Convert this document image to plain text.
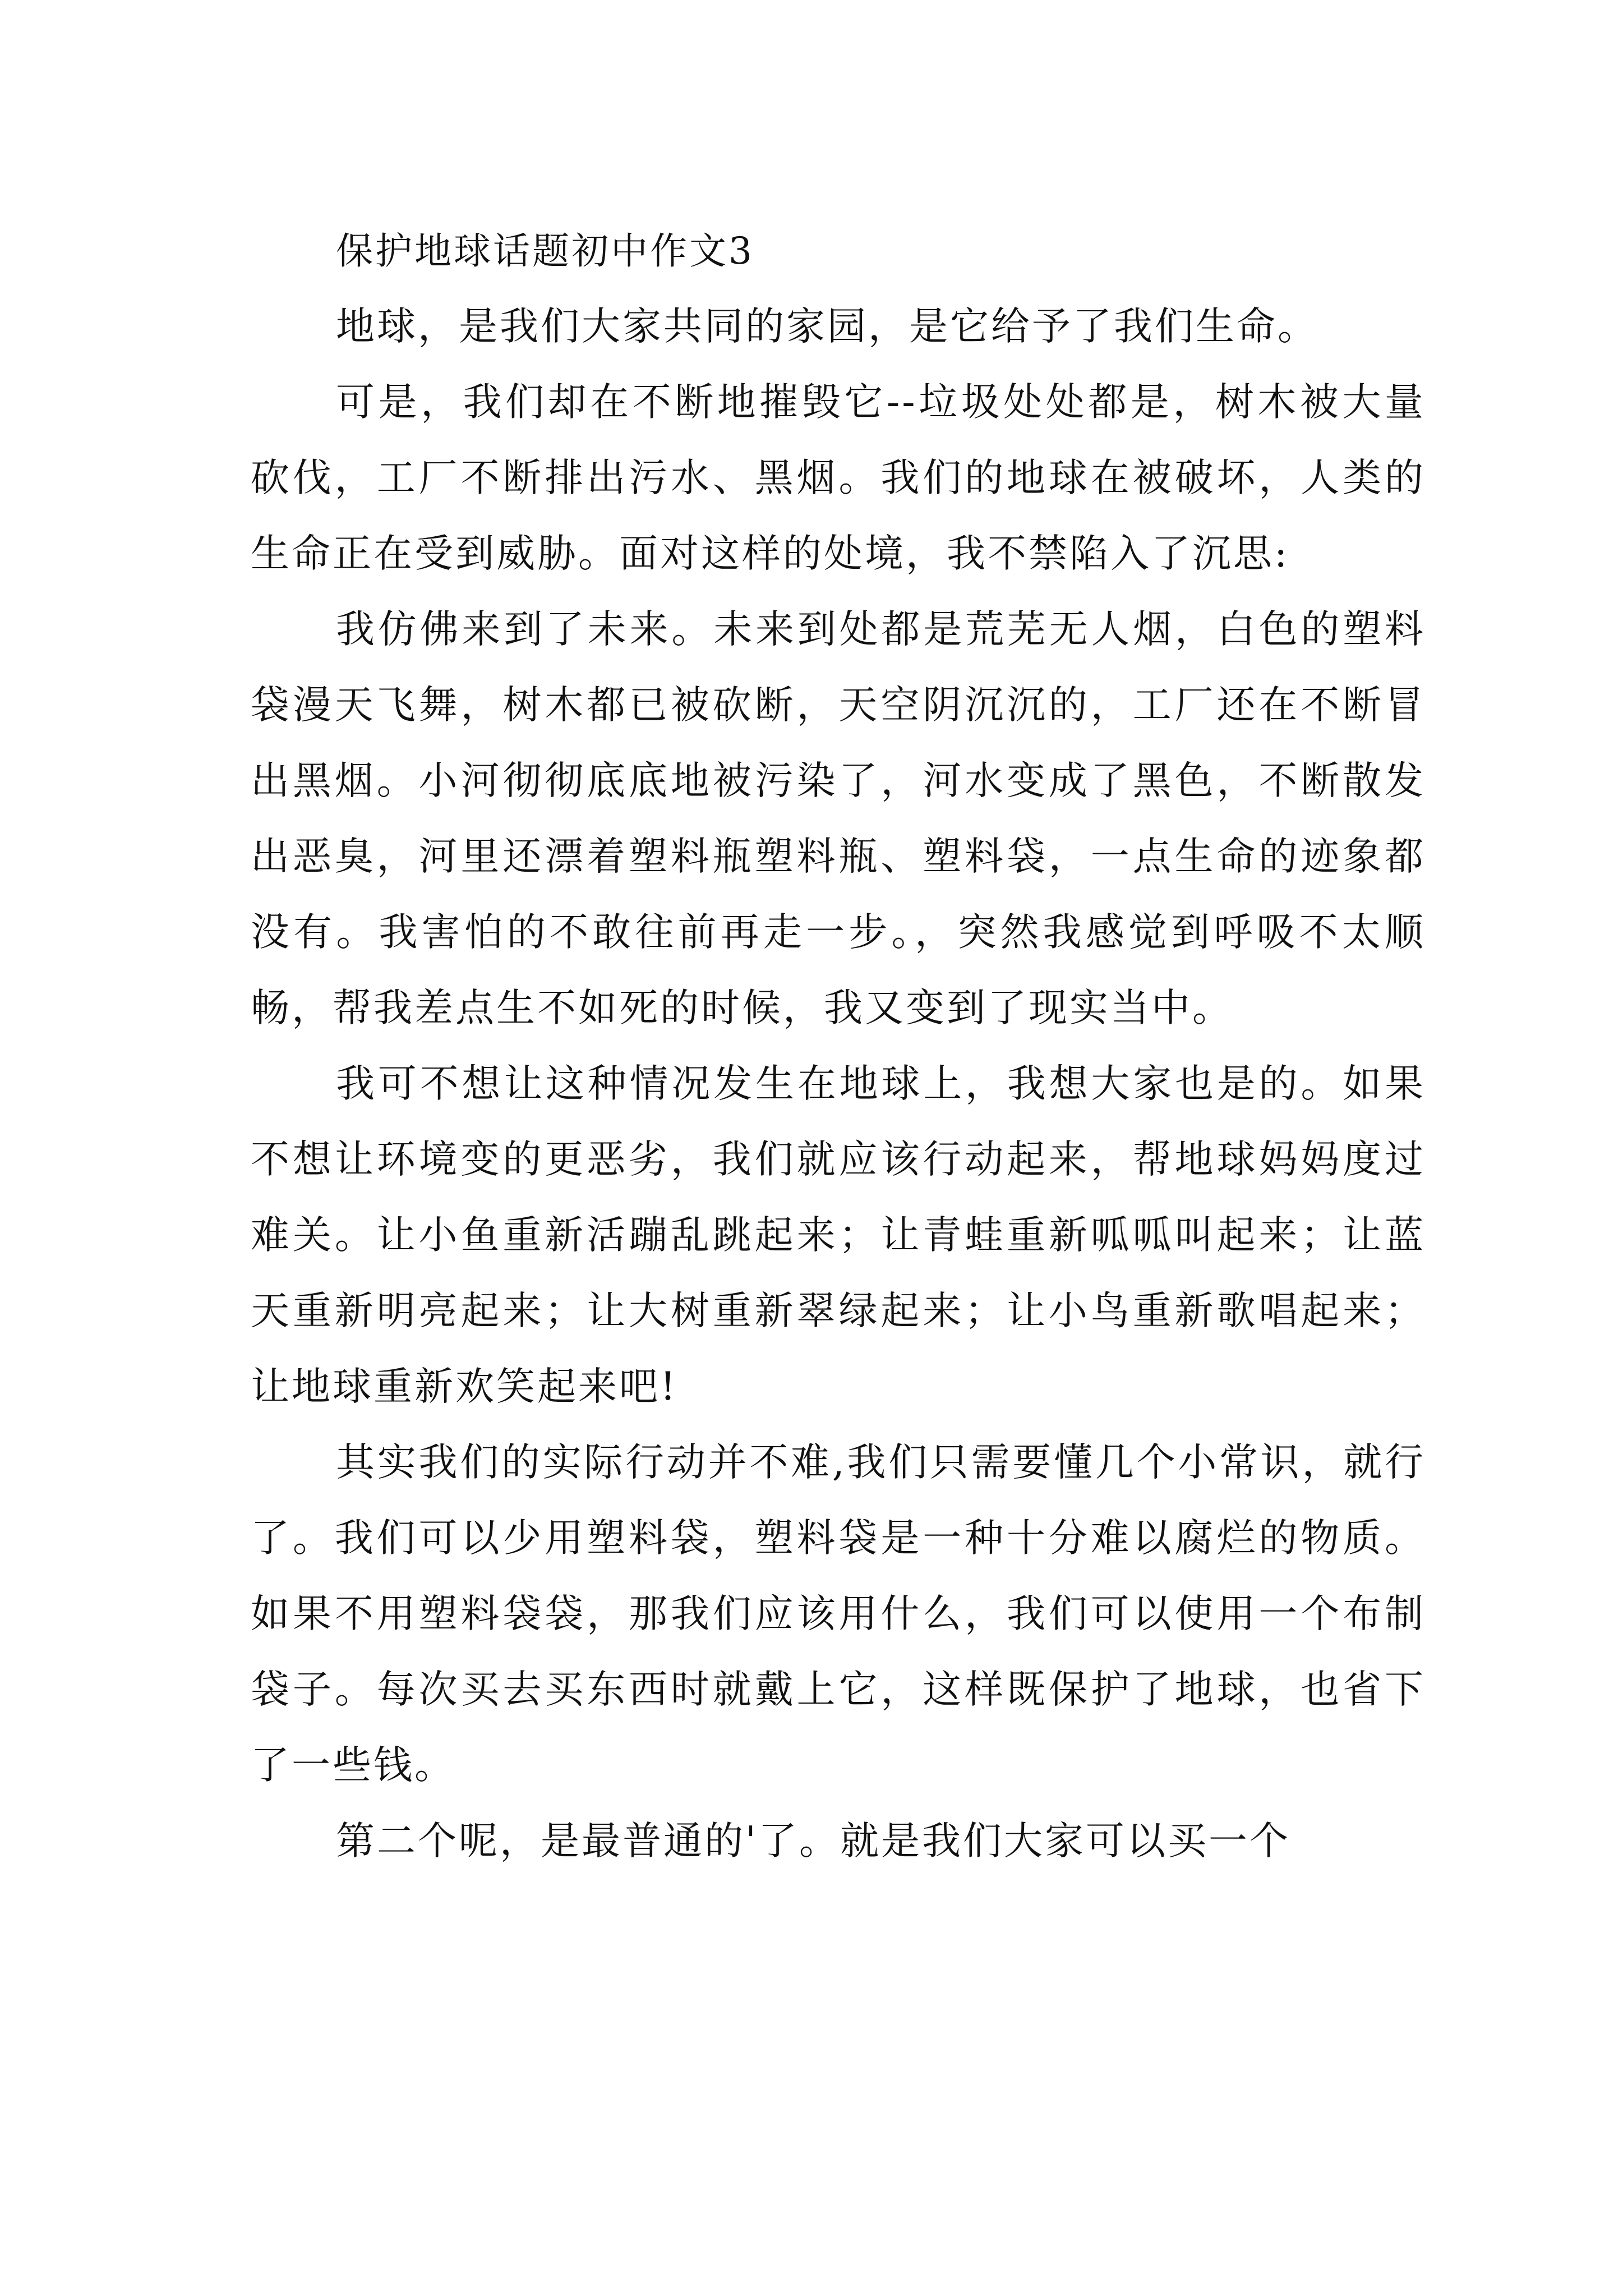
保护地球话题初中作文3

地球，是我们大家共同的家园，是它给予了我们生命。

可是，我们却在不断地摧毁它--垃圾处处都是，树木被大量砍伐，工厂不断排出污水、黑烟。我们的地球在被破坏，人类的生命正在受到威胁。面对这样的处境，我不禁陷入了沉思:

我仿佛来到了未来。未来到处都是荒芜无人烟，白色的塑料袋漫天飞舞，树木都已被砍断，天空阴沉沉的，工厂还在不断冒出黑烟。小河彻彻底底地被污染了，河水变成了黑色，不断散发出恶臭，河里还漂着塑料瓶塑料瓶、塑料袋，一点生命的迹象都没有。我害怕的不敢往前再走一步。，突然我感觉到呼吸不太顺畅，帮我差点生不如死的时候，我又变到了现实当中。

我可不想让这种情况发生在地球上，我想大家也是的。如果不想让环境变的更恶劣，我们就应该行动起来，帮地球妈妈度过难关。让小鱼重新活蹦乱跳起来；让青蛙重新呱呱叫起来；让蓝天重新明亮起来；让大树重新翠绿起来；让小鸟重新歌唱起来；让地球重新欢笑起来吧!

其实我们的实际行动并不难,我们只需要懂几个小常识，就行了。我们可以少用塑料袋，塑料袋是一种十分难以腐烂的物质。如果不用塑料袋袋，那我们应该用什么，我们可以使用一个布制袋子。每次买去买东西时就戴上它，这样既保护了地球，也省下了一些钱。

第二个呢，是最普通的'了。就是我们大家可以买一个
